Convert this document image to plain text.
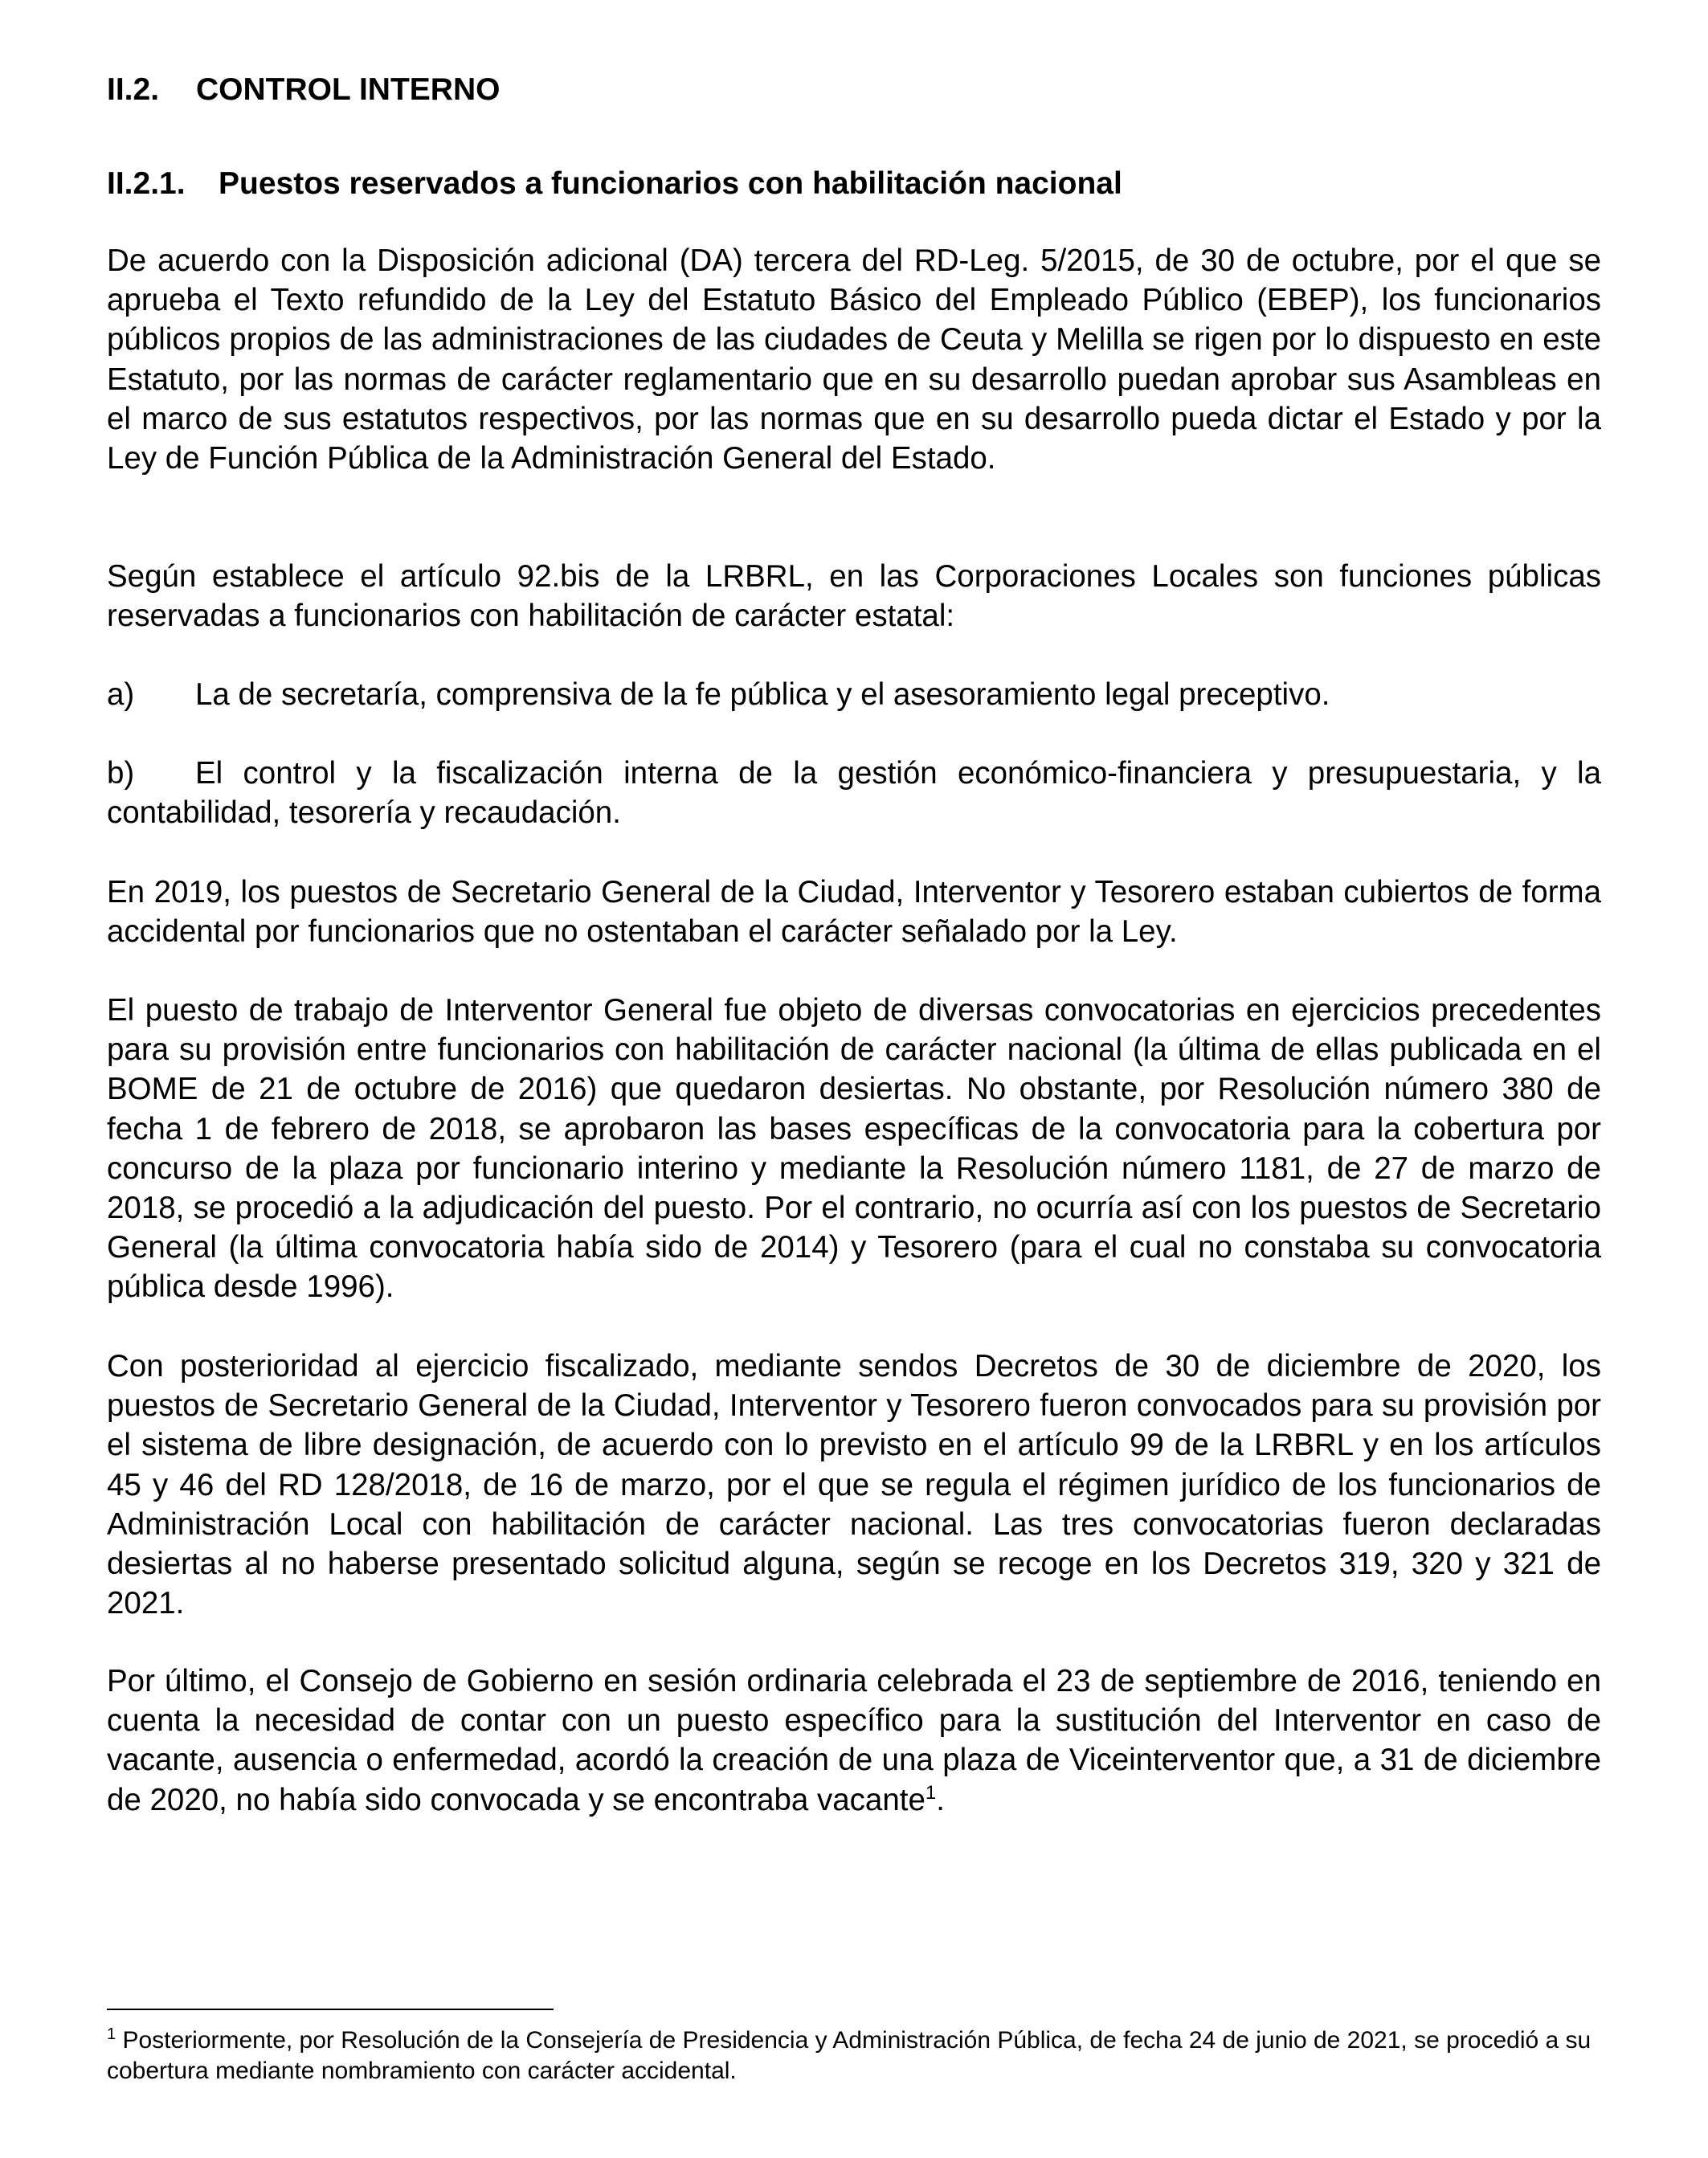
II.2. CONTROL INTERNO
II.2.1. Puestos reservados a funcionarios con habilitación nacional

De acuerdo con la Disposición adicional (DA) tercera del RD-Leg. 5/2015, de 30 de octubre, por el que se aprueba el Texto refundido de la Ley del Estatuto Básico del Empleado Público (EBEP), los funcionarios públicos propios de las administraciones de las ciudades de Ceuta y Melilla se rigen por lo dispuesto en este Estatuto, por las normas de carácter reglamentario que en su desarrollo puedan aprobar sus Asambleas en el marco de sus estatutos respectivos, por las normas que en su desarrollo pueda dictar el Estado y por la Ley de Función Pública de la Administración General del Estado.

Según establece el artículo 92.bis de la LRBRL, en las Corporaciones Locales son funciones públicas reservadas a funcionarios con habilitación de carácter estatal:

a) La de secretaría, comprensiva de la fe pública y el asesoramiento legal preceptivo.

b) El control y la fiscalización interna de la gestión económico-financiera y presupuestaria, y la contabilidad, tesorería y recaudación.

En 2019, los puestos de Secretario General de la Ciudad, Interventor y Tesorero estaban cubiertos de forma accidental por funcionarios que no ostentaban el carácter señalado por la Ley.

El puesto de trabajo de Interventor General fue objeto de diversas convocatorias en ejercicios precedentes para su provisión entre funcionarios con habilitación de carácter nacional (la última de ellas publicada en el BOME de 21 de octubre de 2016) que quedaron desiertas. No obstante, por Resolución número 380 de fecha 1 de febrero de 2018, se aprobaron las bases específicas de la convocatoria para la cobertura por concurso de la plaza por funcionario interino y mediante la Resolución número 1181, de 27 de marzo de 2018, se procedió a la adjudicación del puesto. Por el contrario, no ocurría así con los puestos de Secretario General (la última convocatoria había sido de 2014) y Tesorero (para el cual no constaba su convocatoria pública desde 1996).

Con posterioridad al ejercicio fiscalizado, mediante sendos Decretos de 30 de diciembre de 2020, los puestos de Secretario General de la Ciudad, Interventor y Tesorero fueron convocados para su provisión por el sistema de libre designación, de acuerdo con lo previsto en el artículo 99 de la LRBRL y en los artículos 45 y 46 del RD 128/2018, de 16 de marzo, por el que se regula el régimen jurídico de los funcionarios de Administración Local con habilitación de carácter nacional. Las tres convocatorias fueron declaradas desiertas al no haberse presentado solicitud alguna, según se recoge en los Decretos 319, 320 y 321 de 2021.

Por último, el Consejo de Gobierno en sesión ordinaria celebrada el 23 de septiembre de 2016, teniendo en cuenta la necesidad de contar con un puesto específico para la sustitución del Interventor en caso de vacante, ausencia o enfermedad, acordó la creación de una plaza de Viceinterventor que, a 31 de diciembre de 2020, no había sido convocada y se encontraba vacante$^1$.

$^1$ Posteriormente, por Resolución de la Consejería de Presidencia y Administración Pública, de fecha 24 de junio de 2021, se procedió a su cobertura mediante nombramiento con carácter accidental.
